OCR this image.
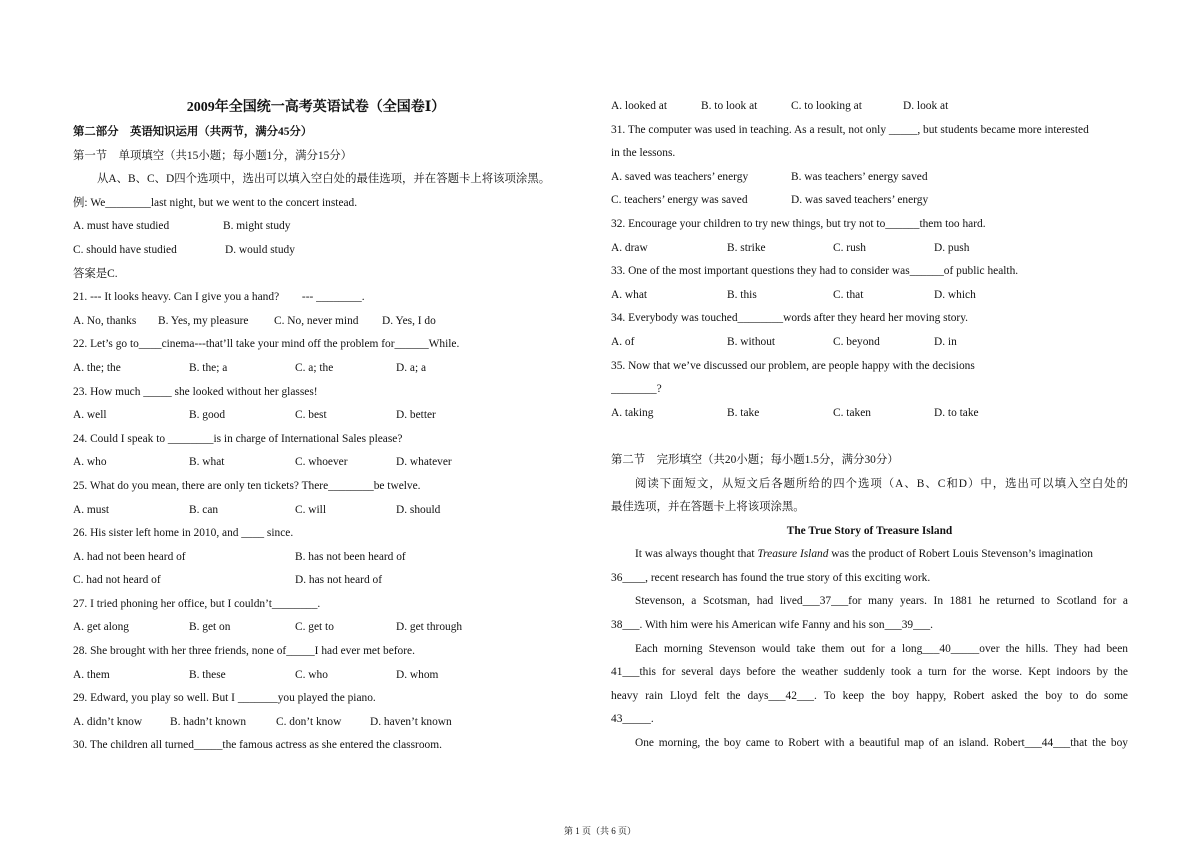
2009年全国统一高考英语试卷（全国卷Ⅰ）
第二部分　英语知识运用（共两节，满分45分）
第一节　单项填空（共15小题；每小题1分，满分15分）
从A、B、C、D四个选项中，选出可以填入空白处的最佳选项，并在答题卡上将该项涂黑。
例: We________last night, but we went to the concert instead.
A. must have studied	B. might study
C. should have studied	D. would study
答案是C.
21. --- It looks heavy. Can I give you a hand?　　--- ________.
A. No, thanks B. Yes, my pleasure C. No, never mind D. Yes, I do
22. Let’s go to____cinema---that’ll take your mind off the problem for______While.
A. the; the	B. the; a	C. a; the	D. a; a
23. How much _____ she looked without her glasses!
A. well	B. good	C. best	D. better
24. Could I speak to ________is in charge of International Sales please?
A. who	B. what	C. whoever	D. whatever
25. What do you mean, there are only ten tickets? There________be twelve.
A. must	B. can	C. will	D. should
26. His sister left home in 2010, and ____ since.
A. had not been heard of	B. has not been heard of
C. had not heard of	D. has not heard of
27. I tried phoning her office, but I couldn’t________.
A. get along	B. get on	C. get to	D. get through
28. She brought with her three friends, none of_____I had ever met before.
A. them	B. these	C. who	D. whom
29. Edward, you play so well. But I _______you played the piano.
A. didn’t know B. hadn’t known	C. don’t know	D. haven’t known
30. The children all turned_____the famous actress as she entered the classroom.
A. looked at	B. to look at	C. to looking at	D. look at
31. The computer was used in teaching. As a result, not only _____, but students became more interested
in the lessons.
A. saved was teachers’ energy	B. was teachers’ energy saved
C. teachers’ energy was saved	D. was saved teachers’ energy
32. Encourage your children to try new things, but try not to______them too hard.
A. draw	B. strike	C. rush	D. push
33. One of the most important questions they had to consider was______of public health.
A. what	B. this	C. that	D. which
34. Everybody was touched________words after they heard her moving story.
A. of	B. without	C. beyond	D. in
35. Now that we’ve discussed our problem, are people happy with the decisions
________?
A. taking	B. take	C. taken	D. to take
第二节　完形填空（共20小题；每小题1.5分，满分30分）
阅读下面短文，从短文后各题所给的四个选项（A、B、C和D）中，选出可以填入空白处的
最佳选项，并在答题卡上将该项涂黑。
The True Story of Treasure Island
It was always thought that Treasure Island was the product of Robert Louis Stevenson’s imagination
36____, recent research has found the true story of this exciting work.
Stevenson, a Scotsman, had lived___37___for many years. In 1881 he returned to Scotland for a
38___. With him were his American wife Fanny and his son___39___.
Each morning Stevenson would take them out for a long___40_____over the hills. They had been
41___this for several days before the weather suddenly took a turn for the worse. Kept indoors by the
heavy rain Lloyd felt the days___42___. To keep the boy happy, Robert asked the boy to do some
43_____.
One morning, the boy came to Robert with a beautiful map of an island. Robert___44___that the boy
第 1 页（共 6 页）
